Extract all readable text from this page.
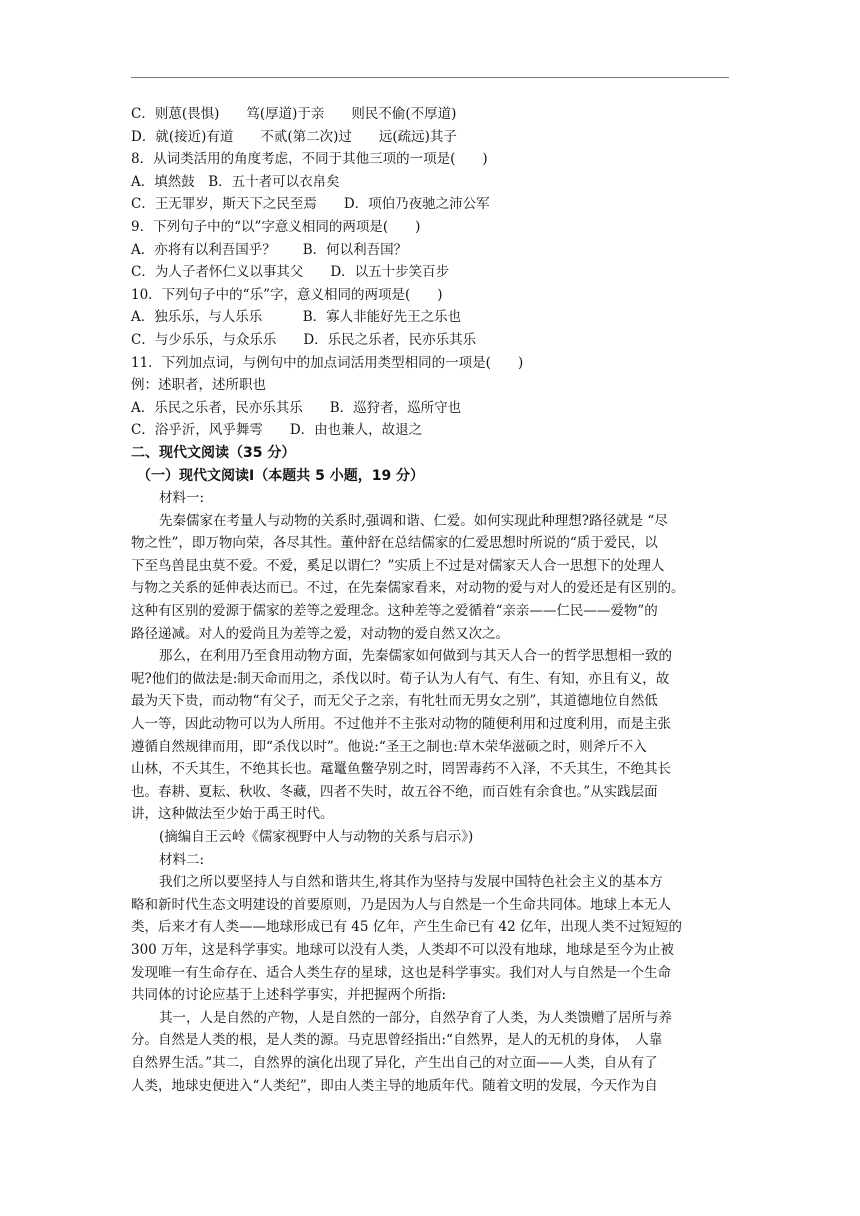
C．则葸(畏惧)　　笃(厚道)于亲　　则民不偷(不厚道)

D．就(接近)有道　　不贰(第二次)过　　远(疏远)其子

8．从词类活用的角度考虑，不同于其他三项的一项是(　　)

A．填然鼓　B．五十者可以衣帛矣

C．王无罪岁，斯天下之民至焉　　D．项伯乃夜驰之沛公军

9．下列句子中的“以”字意义相同的两项是(　　)

A．亦将有以利吾国乎？　　B．何以利吾国？

C．为人子者怀仁义以事其父　　D．以五十步笑百步

10．下列句子中的“乐”字，意义相同的两项是(　　)

A．独乐乐，与人乐乐　　　B．寡人非能好先王之乐也

C．与少乐乐，与众乐乐　　D．乐民之乐者，民亦乐其乐

11．下列加点词，与例句中的加点词活用类型相同的一项是(　　)

例：述职者，述所职也

A．乐民之乐者，民亦乐其乐　　B．巡狩者，巡所守也

C．浴乎沂，风乎舞雩　　D．由也兼人，故退之

二、现代文阅读（35 分）

（一）现代文阅读Ⅰ（本题共 5 小题，19 分）

材料一:

先秦儒家在考量人与动物的关系时,强调和谐、仁爱。如何实现此种理想?路径就是 “尽

物之性”，即万物向荣，各尽其性。董仲舒在总结儒家的仁爱思想时所说的“质于爱民，以

下至鸟兽昆虫莫不爱。不爱，奚足以谓仁？”实质上不过是对儒家天人合一思想下的处理人

与物之关系的延伸表达而已。不过，在先秦儒家看来，对动物的爱与对人的爱还是有区别的。

这种有区别的爱源于儒家的差等之爱理念。这种差等之爱循着“亲亲——仁民——爱物”的

路径递减。对人的爱尚且为差等之爱，对动物的爱自然又次之。

那么，在利用乃至食用动物方面，先秦儒家如何做到与其天人合一的哲学思想相一致的

呢?他们的做法是:制天命而用之，杀伐以时。荀子认为人有气、有生、有知，亦且有义，故

最为天下贵，而动物“有父子，而无父子之亲，有牝牡而无男女之别”，其道德地位自然低

人一等，因此动物可以为人所用。不过他并不主张对动物的随便利用和过度利用，而是主张

遵循自然规律而用，即“杀伐以时”。他说:“圣王之制也:草木荣华滋硕之时，则斧斤不入

山林，不夭其生，不绝其长也。鼋鼍鱼鳖孕别之时，罔罟毒药不入泽，不夭其生，不绝其长

也。春耕、夏耘、秋收、冬藏，四者不失时，故五谷不绝，而百姓有余食也。”从实践层面

讲，这种做法至少始于禹王时代。

(摘编自王云岭《儒家视野中人与动物的关系与启示》)

材料二:

我们之所以要坚持人与自然和谐共生,将其作为坚持与发展中国特色社会主义的基本方

略和新时代生态文明建设的首要原则，乃是因为人与自然是一个生命共同体。地球上本无人

类，后来才有人类——地球形成已有 45 亿年，产生生命已有 42 亿年，出现人类不过短短的

300 万年，这是科学事实。地球可以没有人类，人类却不可以没有地球，地球是至今为止被

发现唯一有生命存在、适合人类生存的星球，这也是科学事实。我们对人与自然是一个生命

共同体的讨论应基于上述科学事实，并把握两个所指:

其一，人是自然的产物，人是自然的一部分，自然孕育了人类，为人类馈赠了居所与养

分。自然是人类的根，是人类的源。马克思曾经指出:“自然界，是人的无机的身体，　人靠

自然界生活。”其二，自然界的演化出现了异化，产生出自己的对立面——人类，自从有了

人类，地球史便进入“人类纪”，即由人类主导的地质年代。随着文明的发展，今天作为自
